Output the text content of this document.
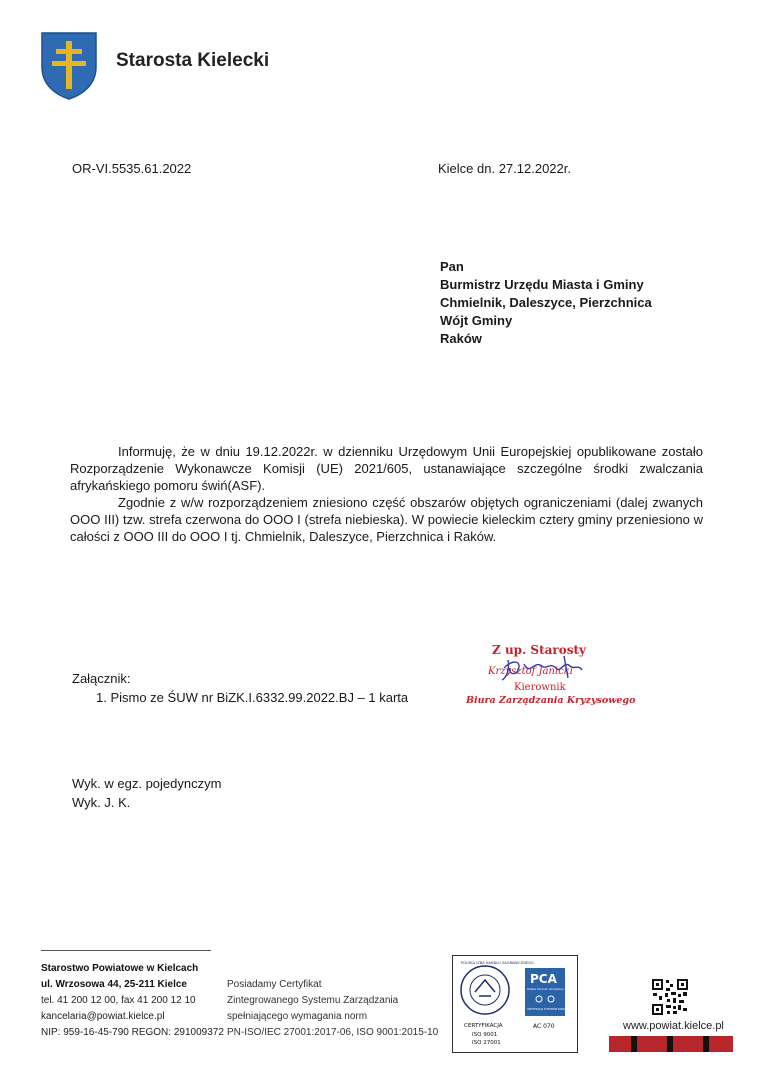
Starosta Kielecki
OR-VI.5535.61.2022	Kielce dn. 27.12.2022r.
Pan
Burmistrz Urzędu Miasta i Gminy
Chmielnik, Daleszyce, Pierzchnica
Wójt Gminy
Raków

Informuję, że w dniu 19.12.2022r. w dzienniku Urzędowym Unii Europejskiej opublikowane zostało Rozporządzenie Wykonawcze Komisji (UE) 2021/605, ustanawiające szczególne środki zwalczania afrykańskiego pomoru świń(ASF).

Zgodnie z w/w rozporządzeniem zniesiono część obszarów objętych ograniczeniami (dalej zwanych OOO III) tzw. strefa czerwona do OOO I (strefa niebieska). W powiecie kieleckim cztery gminy przeniesiono w całości z OOO III do OOO I tj. Chmielnik, Daleszyce, Pierzchnica i Raków.

Z up. Starosty
Krzysztof Janicki
Kierownik
Biura Zarządzania Kryzysowego
Załącznik:
1. Pismo ze ŚUW nr BiZK.I.6332.99.2022.BJ – 1 karta
Wyk. w egz. pojedynczym
Wyk. J. K.
Starostwo Powiatowe w Kielcach
ul. Wrzosowa 44, 25-211 Kielce
tel. 41 200 12 00, fax 41 200 12 10
kancelaria@powiat.kielce.pl
NIP: 959-16-45-790 REGON: 291009372
Posiadamy Certyfikat
Zintegrowanego Systemu Zarządzania
spełniającego wymagania norm
PN-ISO/IEC 27001:2017-06, ISO 9001:2015-10
POLSKA IZBA HANDLU ZAGRANICZNEGO
CERTYFIKACJA
ISO 9001
ISO 27001
PCA
Polskie Centrum Akredytacji
CERTYFIKACJA SYSTEMÓW ZARZĄDZANIA
AC 070	www.powiat.kielce.pl
